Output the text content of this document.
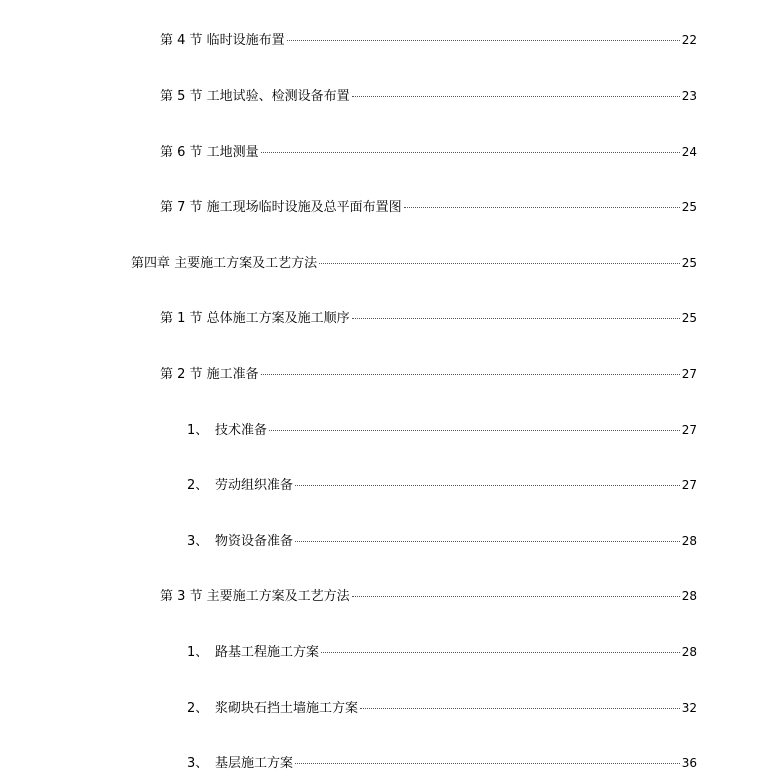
第 4 节 临时设施布置	22
第 5 节 工地试验、检测设备布置	23
第 6 节 工地测量	24
第 7 节 施工现场临时设施及总平面布置图	25
第四章 主要施工方案及工艺方法	25
第 1 节 总体施工方案及施工顺序	25
第 2 节 施工准备	27
1、 技术准备	27
2、 劳动组织准备	27
3、 物资设备准备	28
第 3 节 主要施工方案及工艺方法	28
1、 路基工程施工方案	28
2、 浆砌块石挡土墙施工方案	32
3、 基层施工方案	36
